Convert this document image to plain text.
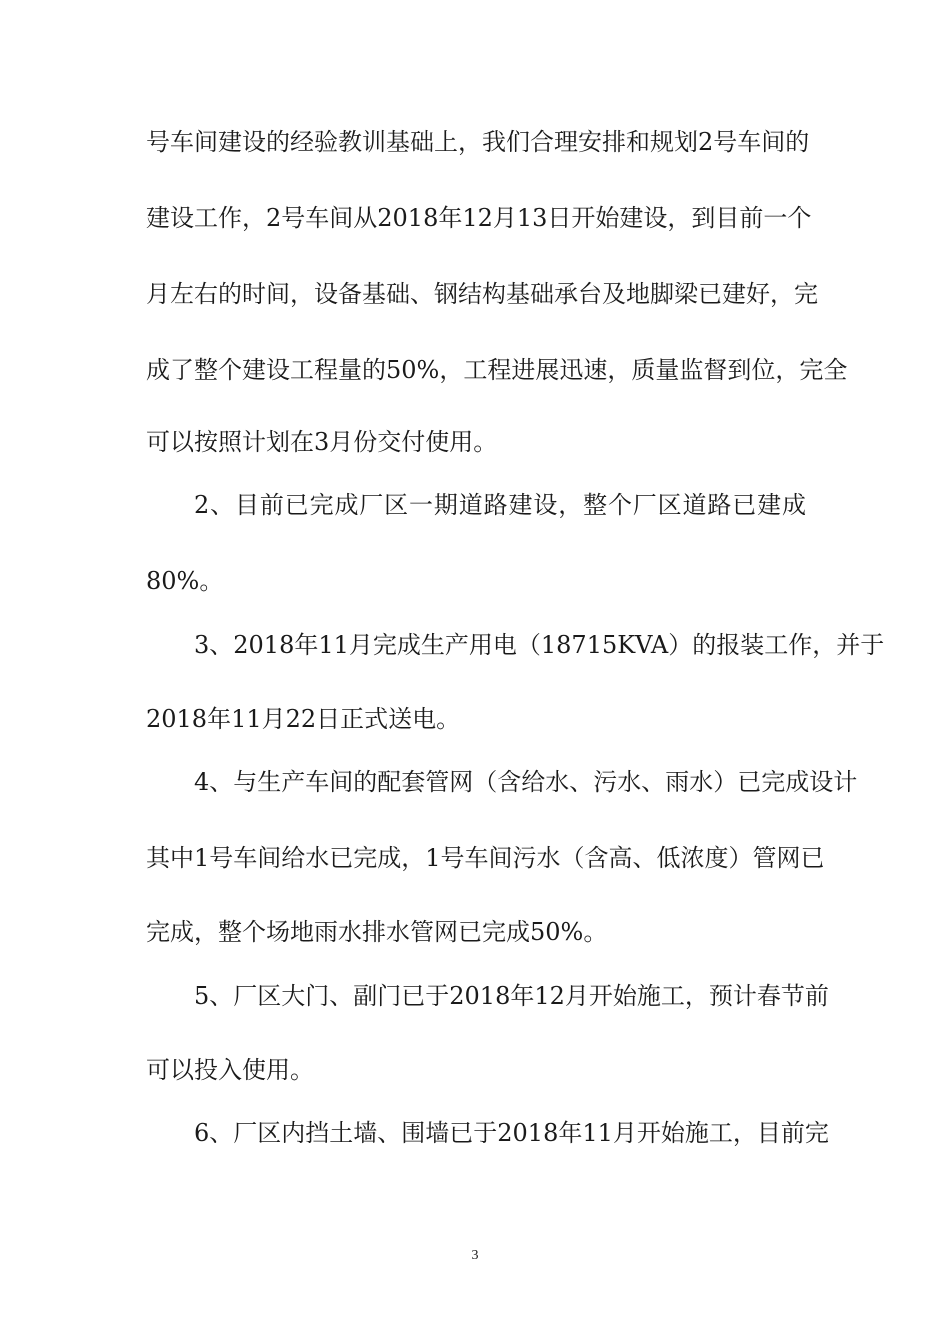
号车间建设的经验教训基础上，我们合理安排和规划2号车间的
建设工作，2号车间从2018年12月13日开始建设，到目前一个
月左右的时间，设备基础、钢结构基础承台及地脚梁已建好，完
成了整个建设工程量的50%，工程进展迅速，质量监督到位，完全
可以按照计划在3月份交付使用。
2、目前已完成厂区一期道路建设，整个厂区道路已建成
80%。
3、2018年11月完成生产用电（18715KVA）的报装工作，并于
2018年11月22日正式送电。
4、与生产车间的配套管网（含给水、污水、雨水）已完成设计
其中1号车间给水已完成，1号车间污水（含高、低浓度）管网已
完成，整个场地雨水排水管网已完成50%。
5、厂区大门、副门已于2018年12月开始施工，预计春节前
可以投入使用。
6、厂区内挡土墙、围墙已于2018年11月开始施工，目前完
3
